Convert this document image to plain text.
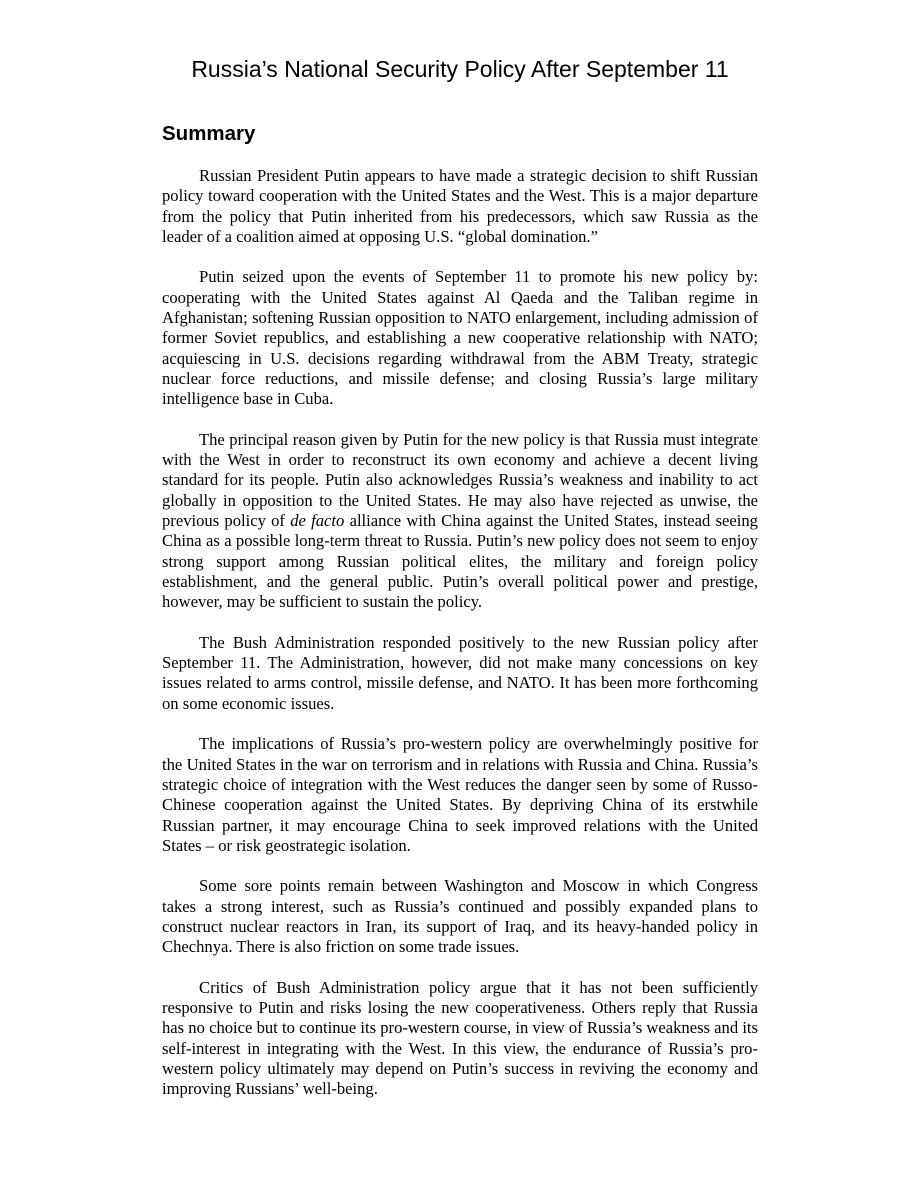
Russia’s National Security Policy After September 11
Summary

Russian President Putin appears to have made a strategic decision to shift Russian policy toward cooperation with the United States and the West. This is a major departure from the policy that Putin inherited from his predecessors, which saw Russia as the leader of a coalition aimed at opposing U.S. “global domination.”

Putin seized upon the events of September 11 to promote his new policy by: cooperating with the United States against Al Qaeda and the Taliban regime in Afghanistan; softening Russian opposition to NATO enlargement, including admission of former Soviet republics, and establishing a new cooperative relationship with NATO; acquiescing in U.S. decisions regarding withdrawal from the ABM Treaty, strategic nuclear force reductions, and missile defense; and closing Russia’s large military intelligence base in Cuba.

The principal reason given by Putin for the new policy is that Russia must integrate with the West in order to reconstruct its own economy and achieve a decent living standard for its people. Putin also acknowledges Russia’s weakness and inability to act globally in opposition to the United States. He may also have rejected as unwise, the previous policy of de facto alliance with China against the United States, instead seeing China as a possible long-term threat to Russia. Putin’s new policy does not seem to enjoy strong support among Russian political elites, the military and foreign policy establishment, and the general public. Putin’s overall political power and prestige, however, may be sufficient to sustain the policy.

The Bush Administration responded positively to the new Russian policy after September 11. The Administration, however, did not make many concessions on key issues related to arms control, missile defense, and NATO. It has been more forthcoming on some economic issues.

The implications of Russia’s pro-western policy are overwhelmingly positive for the United States in the war on terrorism and in relations with Russia and China. Russia’s strategic choice of integration with the West reduces the danger seen by some of Russo-Chinese cooperation against the United States. By depriving China of its erstwhile Russian partner, it may encourage China to seek improved relations with the United States – or risk geostrategic isolation.

Some sore points remain between Washington and Moscow in which Congress takes a strong interest, such as Russia’s continued and possibly expanded plans to construct nuclear reactors in Iran, its support of Iraq, and its heavy-handed policy in Chechnya. There is also friction on some trade issues.

Critics of Bush Administration policy argue that it has not been sufficiently responsive to Putin and risks losing the new cooperativeness. Others reply that Russia has no choice but to continue its pro-western course, in view of Russia’s weakness and its self-interest in integrating with the West. In this view, the endurance of Russia’s pro-western policy ultimately may depend on Putin’s success in reviving the economy and improving Russians’ well-being.
